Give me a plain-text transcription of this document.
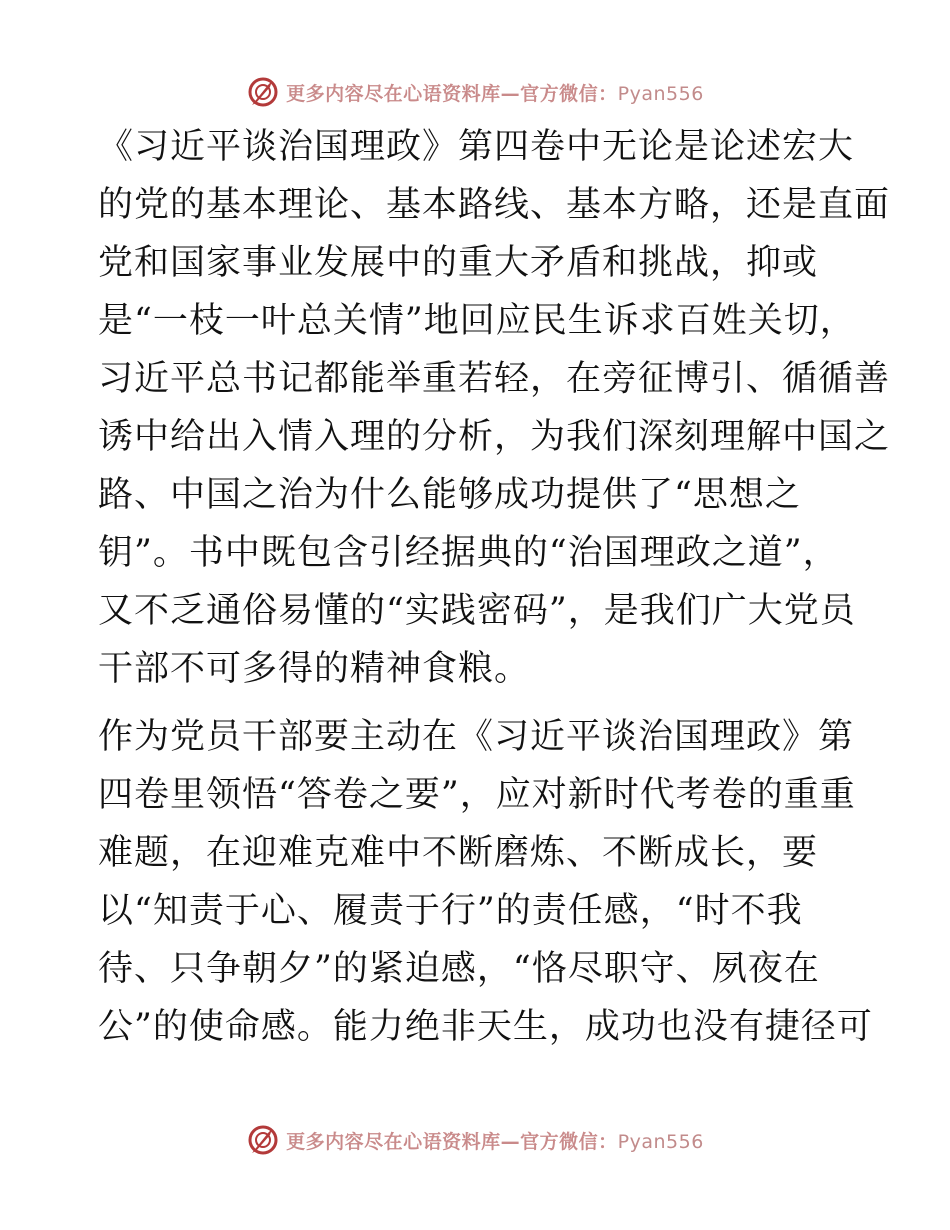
更多内容尽在心语资料库—官方微信：Pyan556
《习近平谈治国理政》第四卷中无论是论述宏大
的党的基本理论、基本路线、基本方略，还是直面
党和国家事业发展中的重大矛盾和挑战，抑或
是“一枝一叶总关情”地回应民生诉求百姓关切，
习近平总书记都能举重若轻，在旁征博引、循循善
诱中给出入情入理的分析，为我们深刻理解中国之
路、中国之治为什么能够成功提供了“思想之
钥”。书中既包含引经据典的“治国理政之道”，
又不乏通俗易懂的“实践密码”，是我们广大党员
干部不可多得的精神食粮。
作为党员干部要主动在《习近平谈治国理政》第
四卷里领悟“答卷之要”，应对新时代考卷的重重
难题，在迎难克难中不断磨炼、不断成长，要
以“知责于心、履责于行”的责任感，“时不我
待、只争朝夕”的紧迫感，“恪尽职守、夙夜在
公”的使命感。能力绝非天生，成功也没有捷径可
更多内容尽在心语资料库—官方微信：Pyan556
